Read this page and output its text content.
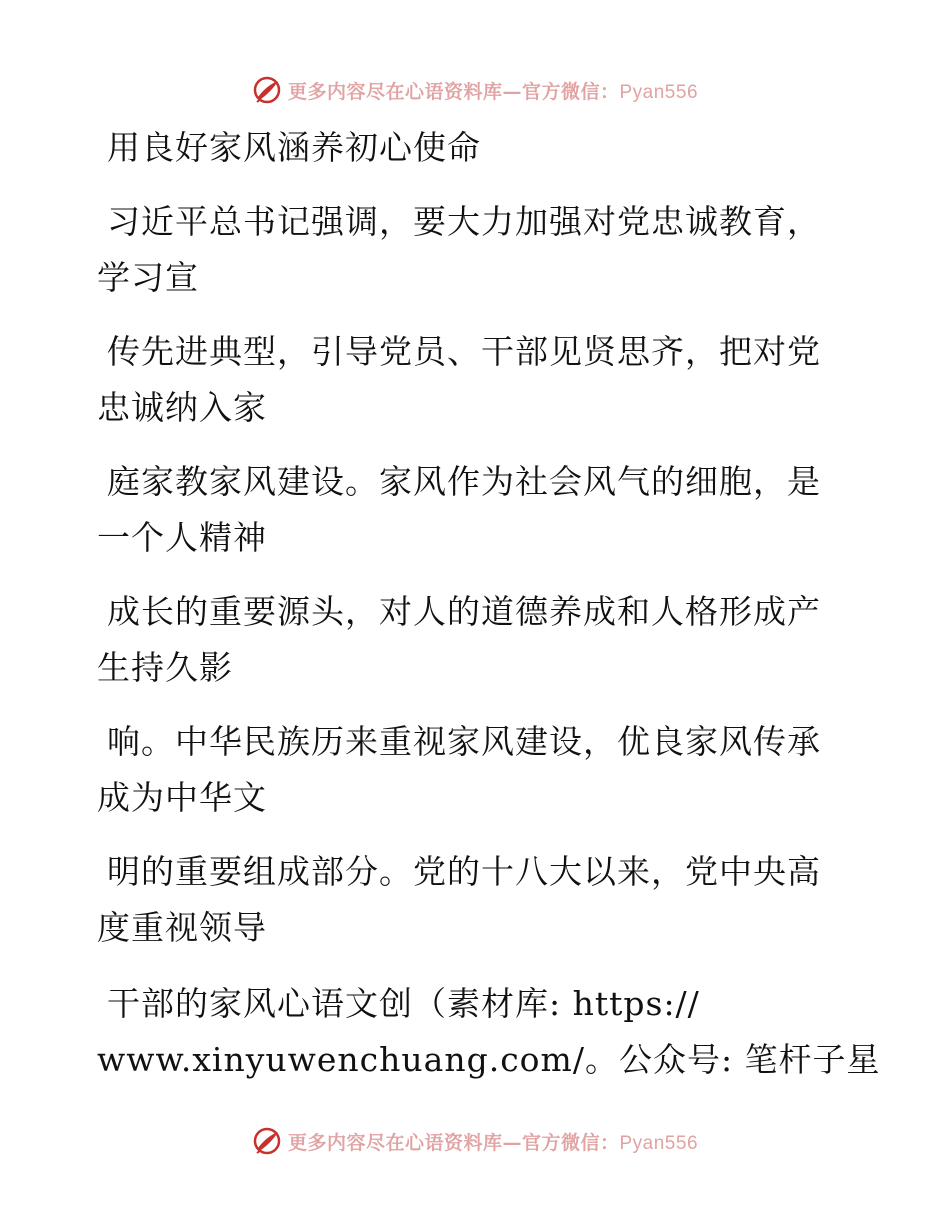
更多内容尽在心语资料库—官方微信：Pyan556
用良好家风涵养初心使命
习近平总书记强调，要大力加强对党忠诚教育，
学习宣
传先进典型，引导党员、干部见贤思齐，把对党
忠诚纳入家
庭家教家风建设。家风作为社会风气的细胞，是
一个人精神
成长的重要源头，对人的道德养成和人格形成产
生持久影
响。中华民族历来重视家风建设，优良家风传承
成为中华文
明的重要组成部分。党的十八大以来，党中央高
度重视领导
干部的家风心语文创（素材库: https://
www.xinyuwenchuang.com/。公众号: 笔杆子星
更多内容尽在心语资料库—官方微信：Pyan556
